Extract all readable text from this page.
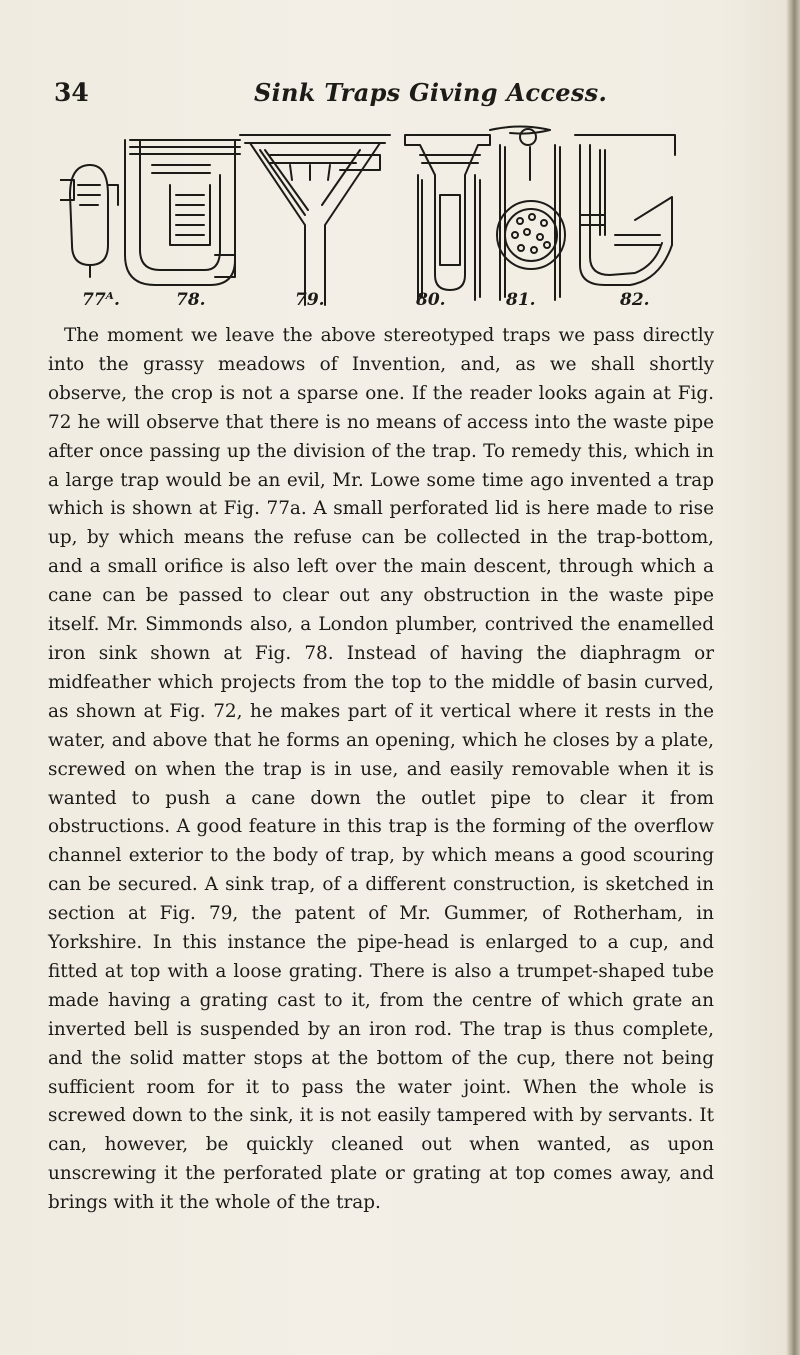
34	Sink Traps Giving Access.
77ᴬ.	78.	79.	80.	81.	82.

The moment we leave the above stereotyped traps we pass directly into the grassy meadows of Invention, and, as we shall shortly observe, the crop is not a sparse one. If the reader looks again at Fig. 72 he will observe that there is no means of access into the waste pipe after once passing up the division of the trap. To remedy this, which in a large trap would be an evil, Mr. Lowe some time ago invented a trap which is shown at Fig. 77a. A small perforated lid is here made to rise up, by which means the refuse can be collected in the trap-bottom, and a small orifice is also left over the main descent, through which a cane can be passed to clear out any obstruction in the waste pipe itself. Mr. Simmonds also, a London plumber, contrived the enamelled iron sink shown at Fig. 78. Instead of having the diaphragm or midfeather which projects from the top to the middle of basin curved, as shown at Fig. 72, he makes part of it vertical where it rests in the water, and above that he forms an opening, which he closes by a plate, screwed on when the trap is in use, and easily removable when it is wanted to push a cane down the outlet pipe to clear it from obstructions. A good feature in this trap is the forming of the overflow channel exterior to the body of trap, by which means a good scouring can be secured. A sink trap, of a different construction, is sketched in section at Fig. 79, the patent of Mr. Gummer, of Rotherham, in Yorkshire. In this instance the pipe-head is enlarged to a cup, and fitted at top with a loose grating. There is also a trumpet-shaped tube made having a grating cast to it, from the centre of which grate an inverted bell is suspended by an iron rod. The trap is thus complete, and the solid matter stops at the bottom of the cup, there not being sufficient room for it to pass the water joint. When the whole is screwed down to the sink, it is not easily tampered with by servants. It can, however, be quickly cleaned out when wanted, as upon unscrewing it the perforated plate or grating at top comes away, and brings with it the whole of the trap.
